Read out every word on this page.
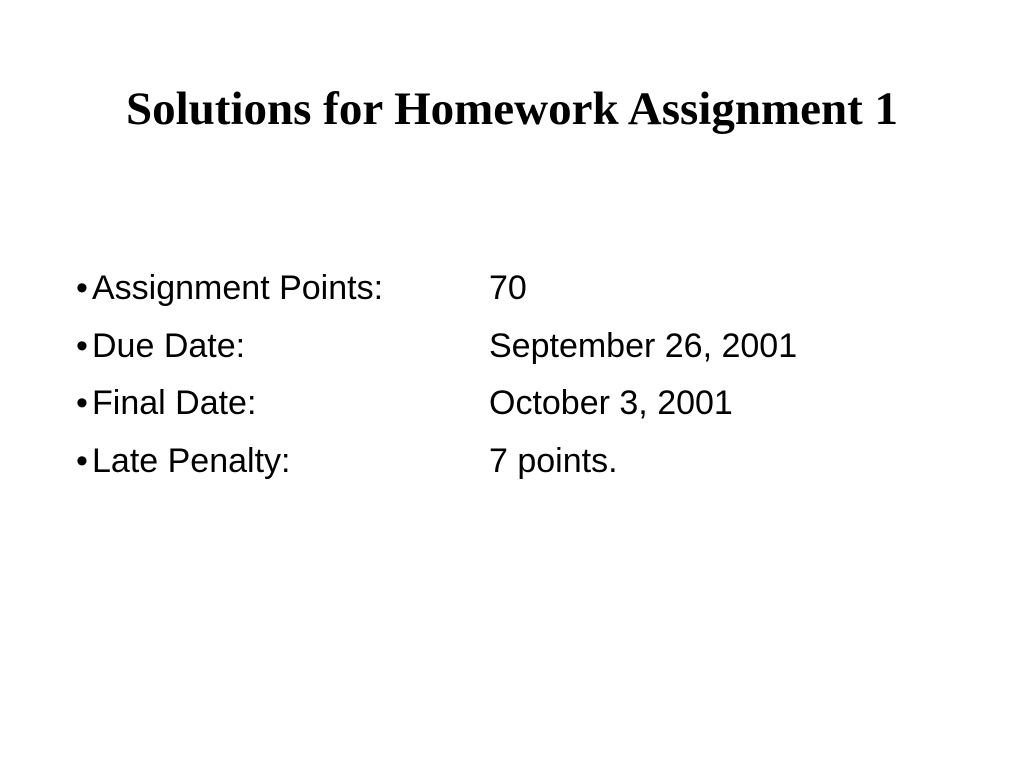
Solutions for Homework Assignment 1
• Assignment Points:	70
• Due Date:	September 26, 2001
• Final Date:	October 3, 2001
• Late Penalty:	7 points.
